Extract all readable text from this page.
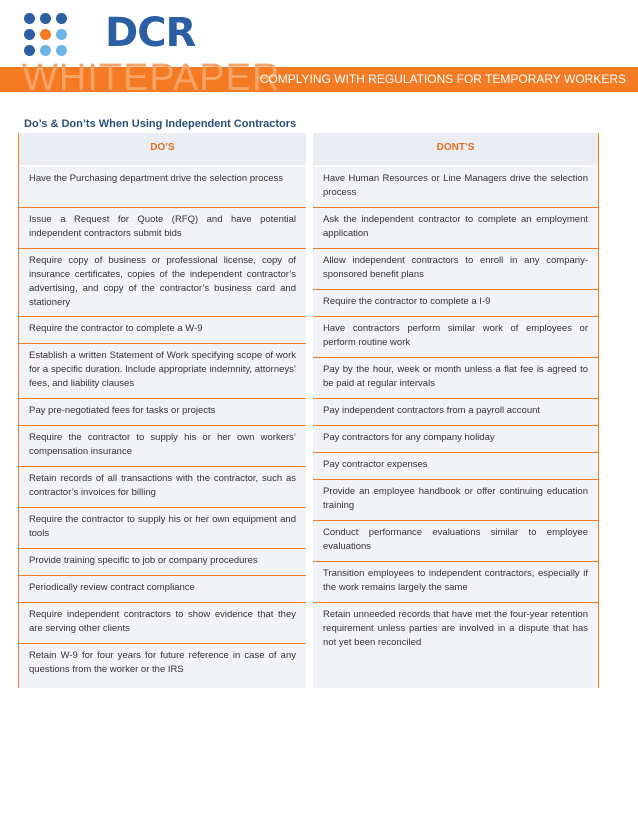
DCR
WHITEPAPER
COMPLYING WITH REGULATIONS FOR TEMPORARY WORKERS
Do’s & Don’ts When Using Independent Contractors
DO’S
Have the Purchasing department drive the selection process
Issue a Request for Quote (RFQ) and have potential independent contractors submit bids
Require copy of business or professional license, copy of insurance certificates, copies of the independent contractor’s advertising, and copy of the contractor’s business card and stationery
Require the contractor to complete a W-9
Establish a written Statement of Work specifying scope of work for a specific duration. Include appropriate indemnity, attorneys’ fees, and liability clauses
Pay pre-negotiated fees for tasks or projects
Require the contractor to supply his or her own workers’ compensation insurance
Retain records of all transactions with the contractor, such as contractor’s invoices for billing
Require the contractor to supply his or her own equipment and tools
Provide training specific to job or company procedures
Periodically review contract compliance
Require independent contractors to show evidence that they are serving other clients
Retain W-9 for four years for future reference in case of any questions from the worker or the IRS
DONT’S
Have Human Resources or Line Managers drive the selection process
Ask the independent contractor to complete an employment application
Allow independent contractors to enroll in any company-sponsored benefit plans
Require the contractor to complete a I-9
Have contractors perform similar work of employees or perform routine work
Pay by the hour, week or month unless a flat fee is agreed to be paid at regular intervals
Pay independent contractors from a payroll account
Pay contractors for any company holiday
Pay contractor expenses
Provide an employee handbook or offer continuing education training
Conduct performance evaluations similar to employee evaluations
Transition employees to independent contractors, especially if the work remains largely the same
Retain unneeded records that have met the four-year retention requirement unless parties are involved in a dispute that has not yet been reconciled
